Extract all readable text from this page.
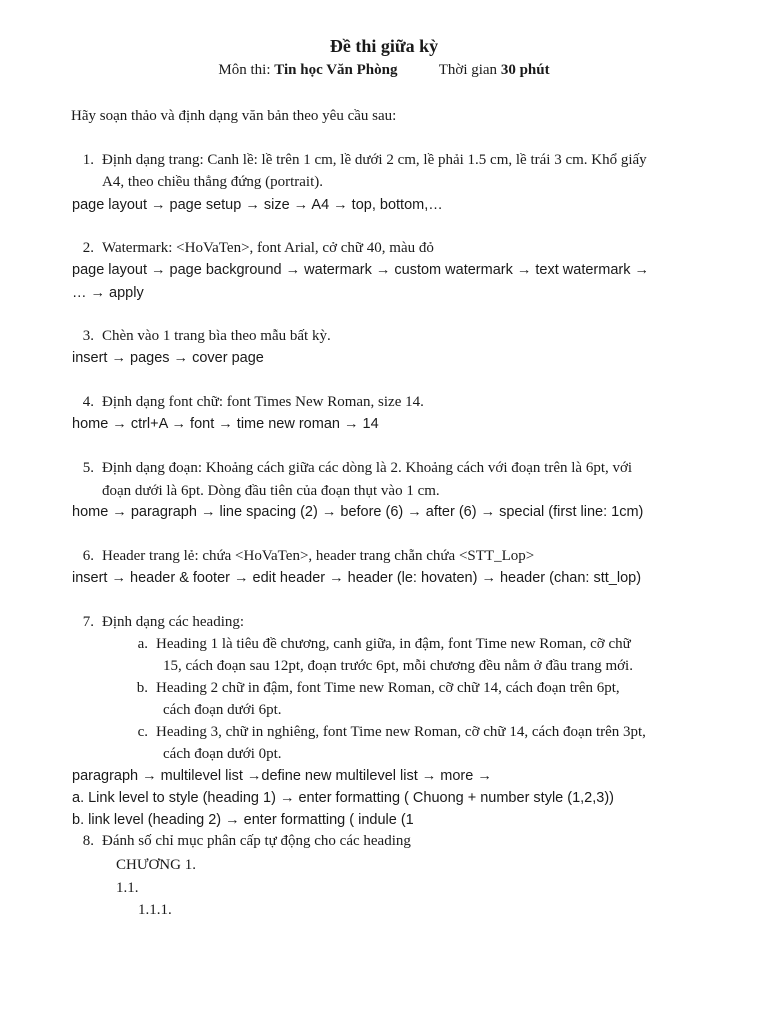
Đề thi giữa kỳ
Môn thi: Tin học Văn Phòng	Thời gian 30 phút
Hãy soạn thảo và định dạng văn bản theo yêu cầu sau:
1. Định dạng trang: Canh lề: lề trên 1 cm, lề dưới 2 cm, lề phải 1.5 cm, lề trái 3 cm. Khổ giấy
A4, theo chiều thẳng đứng (portrait).
page layout → page setup → size → A4 → top, bottom,…
2. Watermark: <HoVaTen>, font Arial, cở chữ 40, màu đỏ
page layout → page background → watermark → custom watermark → text watermark →
… → apply
3. Chèn vào 1 trang bìa theo mẫu bất kỳ.
insert → pages → cover page
4. Định dạng font chữ: font Times New Roman, size 14.
home → ctrl+A → font → time new roman → 14
5. Định dạng đoạn: Khoảng cách giữa các dòng là 2. Khoảng cách với đoạn trên là 6pt, với
đoạn dưới là 6pt. Dòng đầu tiên của đoạn thụt vào 1 cm.
home → paragraph → line spacing (2) → before (6) → after (6) → special (first line: 1cm)
6. Header trang lẻ: chứa <HoVaTen>, header trang chẵn chứa <STT_Lop>
insert → header & footer → edit header → header (le: hovaten) → header (chan: stt_lop)
7. Định dạng các heading:
a. Heading 1 là tiêu đề chương, canh giữa, in đậm, font Time new Roman, cỡ chữ
15, cách đoạn sau 12pt, đoạn trước 6pt, mỗi chương đều nằm ở đầu trang mới.
b. Heading 2 chữ in đậm, font Time new Roman, cỡ chữ 14, cách đoạn trên 6pt,
cách đoạn dưới 6pt.
c. Heading 3, chữ in nghiêng, font Time new Roman, cỡ chữ 14, cách đoạn trên 3pt,
cách đoạn dưới 0pt.
paragraph → multilevel list →define new multilevel list → more →
a. Link level to style (heading 1) → enter formatting ( Chuong + number style (1,2,3))
b. link level (heading 2) → enter formatting ( indule (1
8. Đánh số chỉ mục phân cấp tự động cho các heading
CHƯƠNG 1.
1.1.
1.1.1.
